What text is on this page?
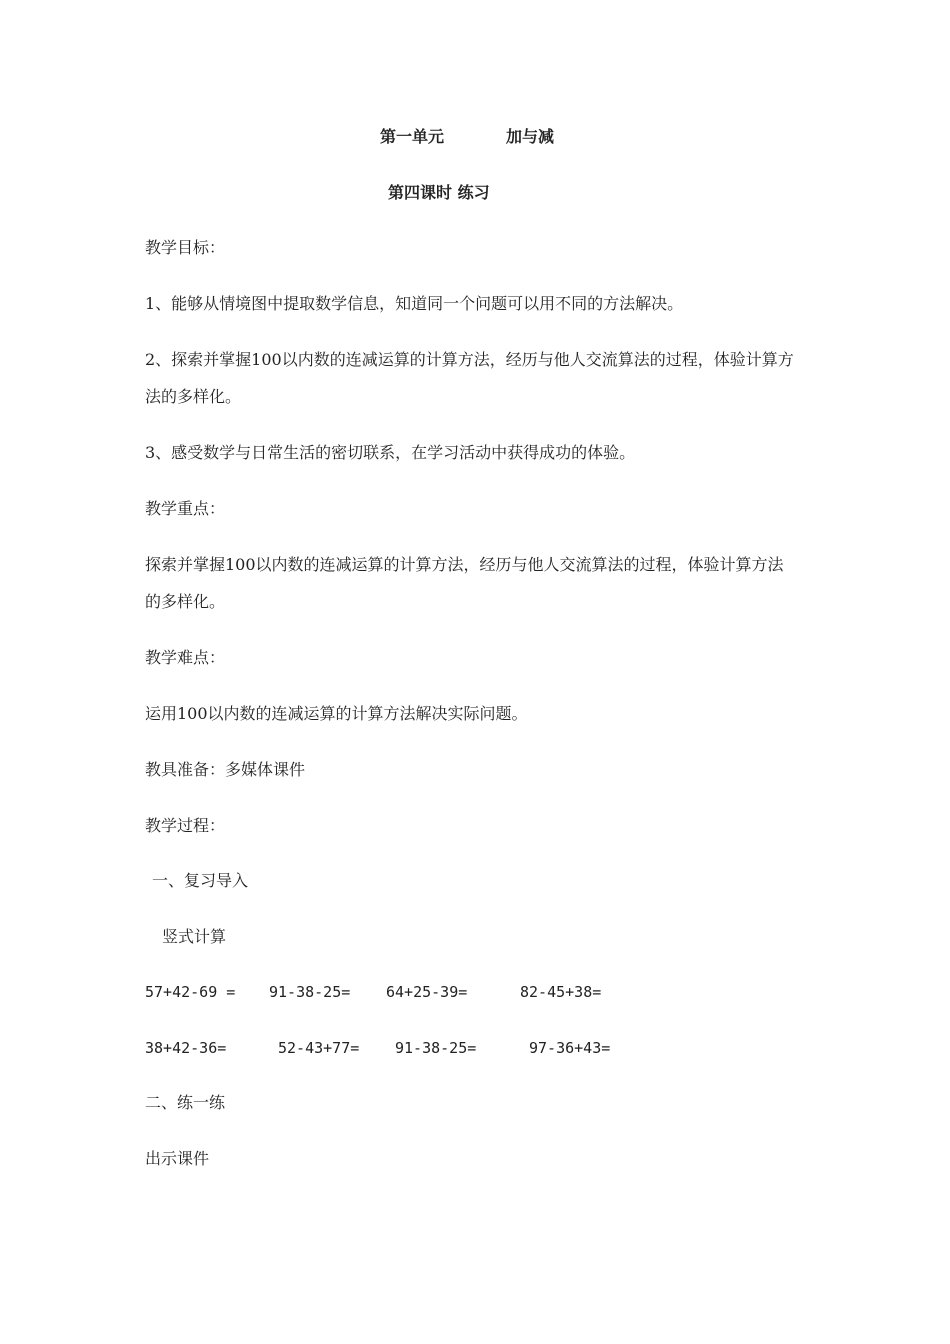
第一单元	加与减
第四课时 练习
教学目标：
1、能够从情境图中提取数学信息，知道同一个问题可以用不同的方法解决。
2、探索并掌握100以内数的连减运算的计算方法，经历与他人交流算法的过程，体验计算方
法的多样化。
3、感受数学与日常生活的密切联系，在学习活动中获得成功的体验。
教学重点：
探索并掌握100以内数的连减运算的计算方法，经历与他人交流算法的过程，体验计算方法
的多样化。
教学难点：
运用100以内数的连减运算的计算方法解决实际问题。
教具准备：多媒体课件
教学过程：
一、复习导入
竖式计算
57+42-69 = 91-38-25= 64+25-39=	82-45+38=
38+42-36=	52-43+77= 91-38-25=	97-36+43=
二、练一练
出示课件
